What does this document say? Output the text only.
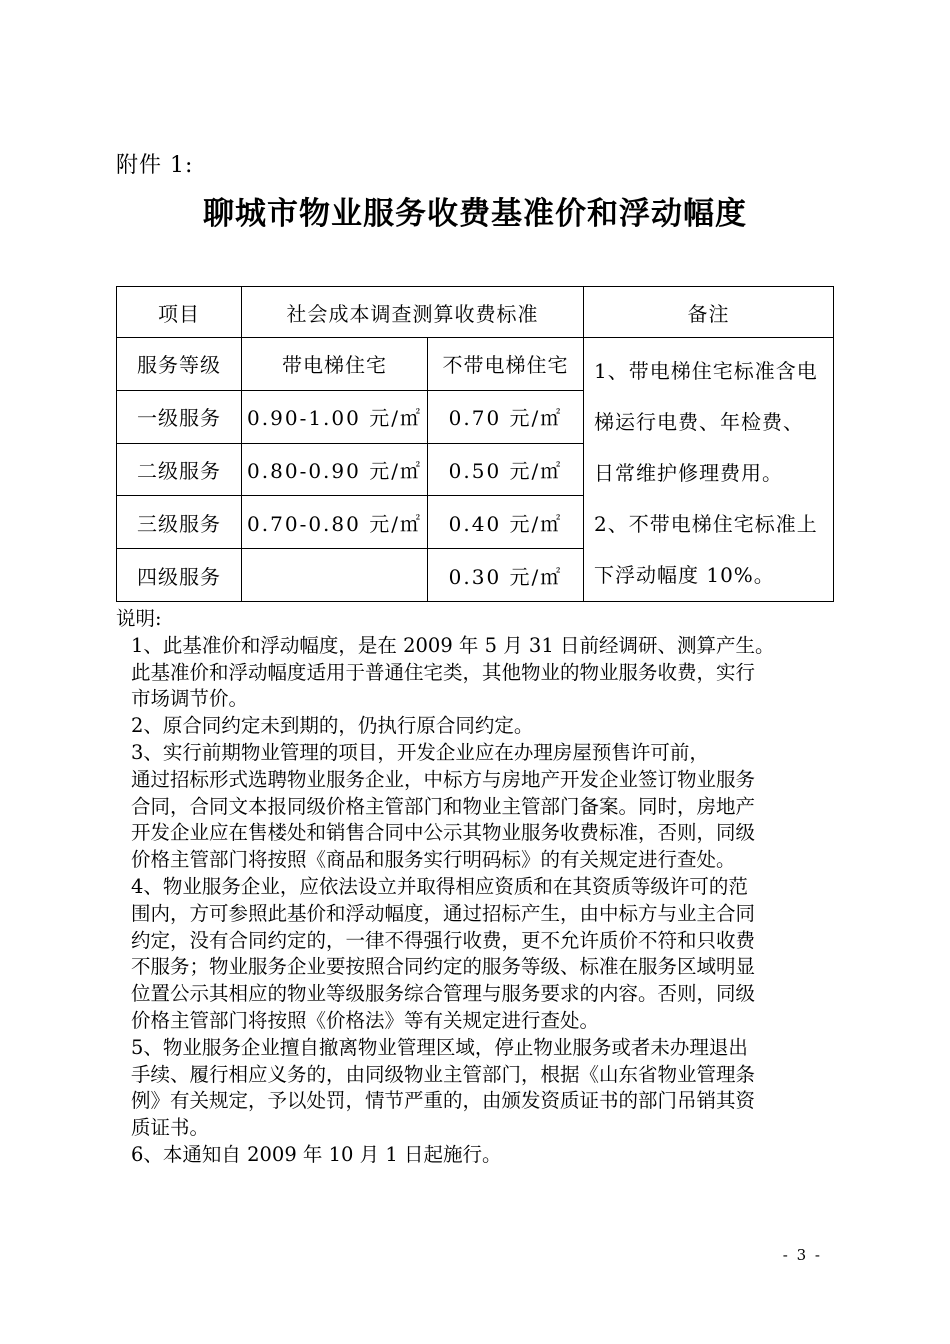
附件 1:
聊城市物业服务收费基准价和浮动幅度
项目	社会成本调查测算收费标准		备注
服务等级	带电梯住宅	不带电梯住宅	1、带电梯住宅标准含电

梯运行电费、年检费、

日常维护修理费用。

2、不带电梯住宅标准上

下浮动幅度 10%。

一级服务	0.90-1.00 元/㎡	0.70 元/㎡	
二级服务	0.80-0.90 元/㎡	0.50 元/㎡	
三级服务	0.70-0.80 元/㎡	0.40 元/㎡	
四级服务		0.30 元/㎡	

说明:

1、此基准价和浮动幅度，是在 2009 年 5 月 31 日前经调研、测算产生。

此基准价和浮动幅度适用于普通住宅类，其他物业的物业服务收费，实行

市场调节价。

2、原合同约定未到期的，仍执行原合同约定。

3、实行前期物业管理的项目，开发企业应在办理房屋预售许可前，

通过招标形式选聘物业服务企业，中标方与房地产开发企业签订物业服务

合同，合同文本报同级价格主管部门和物业主管部门备案。同时，房地产

开发企业应在售楼处和销售合同中公示其物业服务收费标准，否则，同级

价格主管部门将按照《商品和服务实行明码标》的有关规定进行查处。

4、物业服务企业，应依法设立并取得相应资质和在其资质等级许可的范

围内，方可参照此基价和浮动幅度，通过招标产生，由中标方与业主合同

约定，没有合同约定的，一律不得强行收费，更不允许质价不符和只收费

不服务；物业服务企业要按照合同约定的服务等级、标准在服务区域明显

位置公示其相应的物业等级服务综合管理与服务要求的内容。否则，同级

价格主管部门将按照《价格法》等有关规定进行查处。

5、物业服务企业擅自撤离物业管理区域，停止物业服务或者未办理退出

手续、履行相应义务的，由同级物业主管部门，根据《山东省物业管理条

例》有关规定，予以处罚，情节严重的，由颁发资质证书的部门吊销其资

质证书。

6、本通知自 2009 年 10 月 1 日起施行。

- 3 -
